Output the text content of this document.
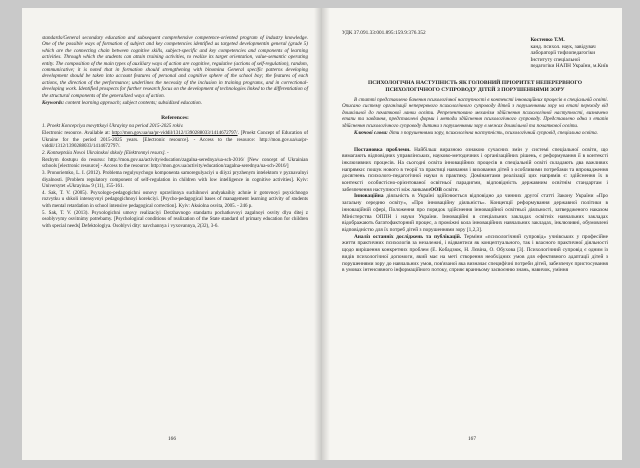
standards/General secondary education and subsequent comprehensive competence-oriented program of industry knowledge. One of the possible ways of formation of subject and key competencies identified us targeted developmentin general (grade 5) which are the connecting chain between cognitive skills, subject-specific and key competencies and components of learning activities. Through which the students can attain training activities, to realize its target orientation, value-semantic operating entity. The composition of the main types of auxiliary ways of action are cognitive, regulative (actions of self-regulation), random, communicative; it is noted that in formation should strengthening with binomina General specific patterns developing development should be taken into account features of personal and cognitive sphere of the school boy; the features of each actions, the direction of the performance; underlines the necessity of the inclusion in training programs, and in correctional-developing work. Identified prospects for further research focus on the development of technologies linked to the differentiation of the structural components of the generalized ways of action.

Keywords: content learning approach; subject contents; subsidized education.

References:

1. Proekt Koncepciya movyttkoyi Ukrayiny na period 2015-2025 rokiv.

Electronic resource. Available at: http://mon.gov.ua/ua/pr-viddil/1312/1390288033/1414672797/. [Proekt Concept of Education of Ukraine for the period 2015-2025 years. [Electronic resource]. - Access to the resource: http://mon.gov.ua/ua/pr-viddil/1312/1390288033/1414672797/.

2. Kontseptsiia Novoi Ukrainskoi shkoly [Elektronnyi resurs]. -

Rezhym dostupu do resursu: http://mon.gov.ua/activity/education/zagalna-serednya/ua-sch-2016/ [New concept of Ukrainian schools [electronic resource] - Access to the resource: http://mon.gov.ua/activity/education/zagalna-serednya/ua-sch-2016/]

3. Pronoriemko, L. I. (2012). Problema regulyuychogo komponenta samoregulyaciyi u diiyzi pryzhenym intelektom v pyznavalnyi diyalnosti. [Problem regulatory component of self-regulation in children with low intelligence in cognitive activities]. Kyiv: Universytet «Ukrayina» 9 (11), 155-161.

4. Sak, T. V. (2005). Psyxologo-pedagogichni osnovy upravlinnya suchihnovi andyakaihiy achnie ir gotovnoyi psyxichnogo rozvytku u shkoli intensyvnyi pedagogichnoyi korekciyi. [Psycho-pedagogical bases of management learning activity of students with mental retardation in school intensive pedagogical correction]. Kyiv: Aksiolna osvita, 2005. - 246 p.

5. Sak, T. V. (2013). Psyxologichni umovy realizaciyi Derzhavnogo standartu pochatkovoyi zagalnoyi osvity dlya ditej z osoblyvymy osvitnimy potrebamy. [Psychological conditions of realization of the State standard of primary education for children with special needs] Defektologiya. Osoblyvi dity: navchannya i vyxovannya, 2(32), 3-6.

166

УДК 37.091.33:001.895:159.9:376.352

Костенко Т.М.

канд. психол. наук, завідувач

лабораторії тифлопедагогіки

Інституту спеціальної

педагогіки НАПН України, м.Київ

ПСИХОЛОГІЧНА НАСТУПНІСТЬ ЯК ГОЛОВНИЙ ПРІОРИТЕТ НЕПЕРЕРВНОГО ПСИХОЛОГІЧНОГО СУПРОВОДУ ДІТЕЙ З ПОРУШЕННЯМИ ЗОРУ

В статті представлено бачення психологічної наступності в контексті інноваційних процесів в спеціальній освіті. Описано систему організації неперервного психологічного супроводу дітей з порушеннями зору на етапі переходу від дошкільної до початкової ланки освіти. Репрезентовано механізм здійснення психологічної наступності, визначено етапи та завдання, представлені форми і методи здійснення психологічного супроводу. Представлено одна з етапів здійснення психологічного супроводу дитини з порушеннями зору в межах дошкільної та початкової освіти.

Ключові слова: діти з порушеннями зору, психологічна наступність, психологічний супровід, спеціальна освіта.

Постановка проблеми. Найбільш виразною ознакою сучасних змін у системі спеціальної освіти, що вимагають відповідних управлінських, науково-методичних і організаційних рішень, є реформування її в контексті інклюзивних процесів. На сьогодні освіта інноваційних процесів в спеціальній освіті складають два важливих напрямки: пошук нового в теорії та практиці навчання і виховання дітей з особливими потребами та впровадження досягнень психолого-педагогічної науки в практику. Домінантами реалізації цих напрямів є: здійснення їх в контексті особистісно-орієнтованої освітньої парадигми, відповідність державним освітнім стандартам і забезпечення наступності між ланкамиООВ освіти.

Інноваційна діяльність в Україні здійснюється відповідно до чинних другої статті Закону України «Про загальну середню освіту», «Про інноваційну діяльність». Концепції реформування державної політики в інноваційній сфері, Положення про порядок здійснення інноваційної освітньої діяльності, затвердженого наказом Міністерства ОППН і науки України. Інноваційні в спеціальних закладах освітніх навчальних закладах відображають багатофакторний процес, а проміжні кола інноваційних навчальних закладах, інклюзивні, обумовлені відповідністю для їх потреб дітей з порушеннями зору [1,2,3].

Аналіз останніх досліджень та публікацій. Терміни «психологічний супровід» учнівських у професійне життя практичних психологів за незалежні, і відвантися як концептуального, так і власного практичної діяльності щодо вирішення конкретних проблем (Е. Кобадзюк, Н. Лєвіна, О. Обухова [3]. Психологічний супровід є одним із видів психологічної допомоги, який має на меті створення необхідних умов для ефективного адаптації дітей з порушеннями зору до навчальних умов, пов'язаної яка визначає специфічні потреби дітей, забезпечує пристосування в умовах інтенсивного інформаційного потоку, сприяє вранньому засвоєнню знань, навичок, уміння

167
